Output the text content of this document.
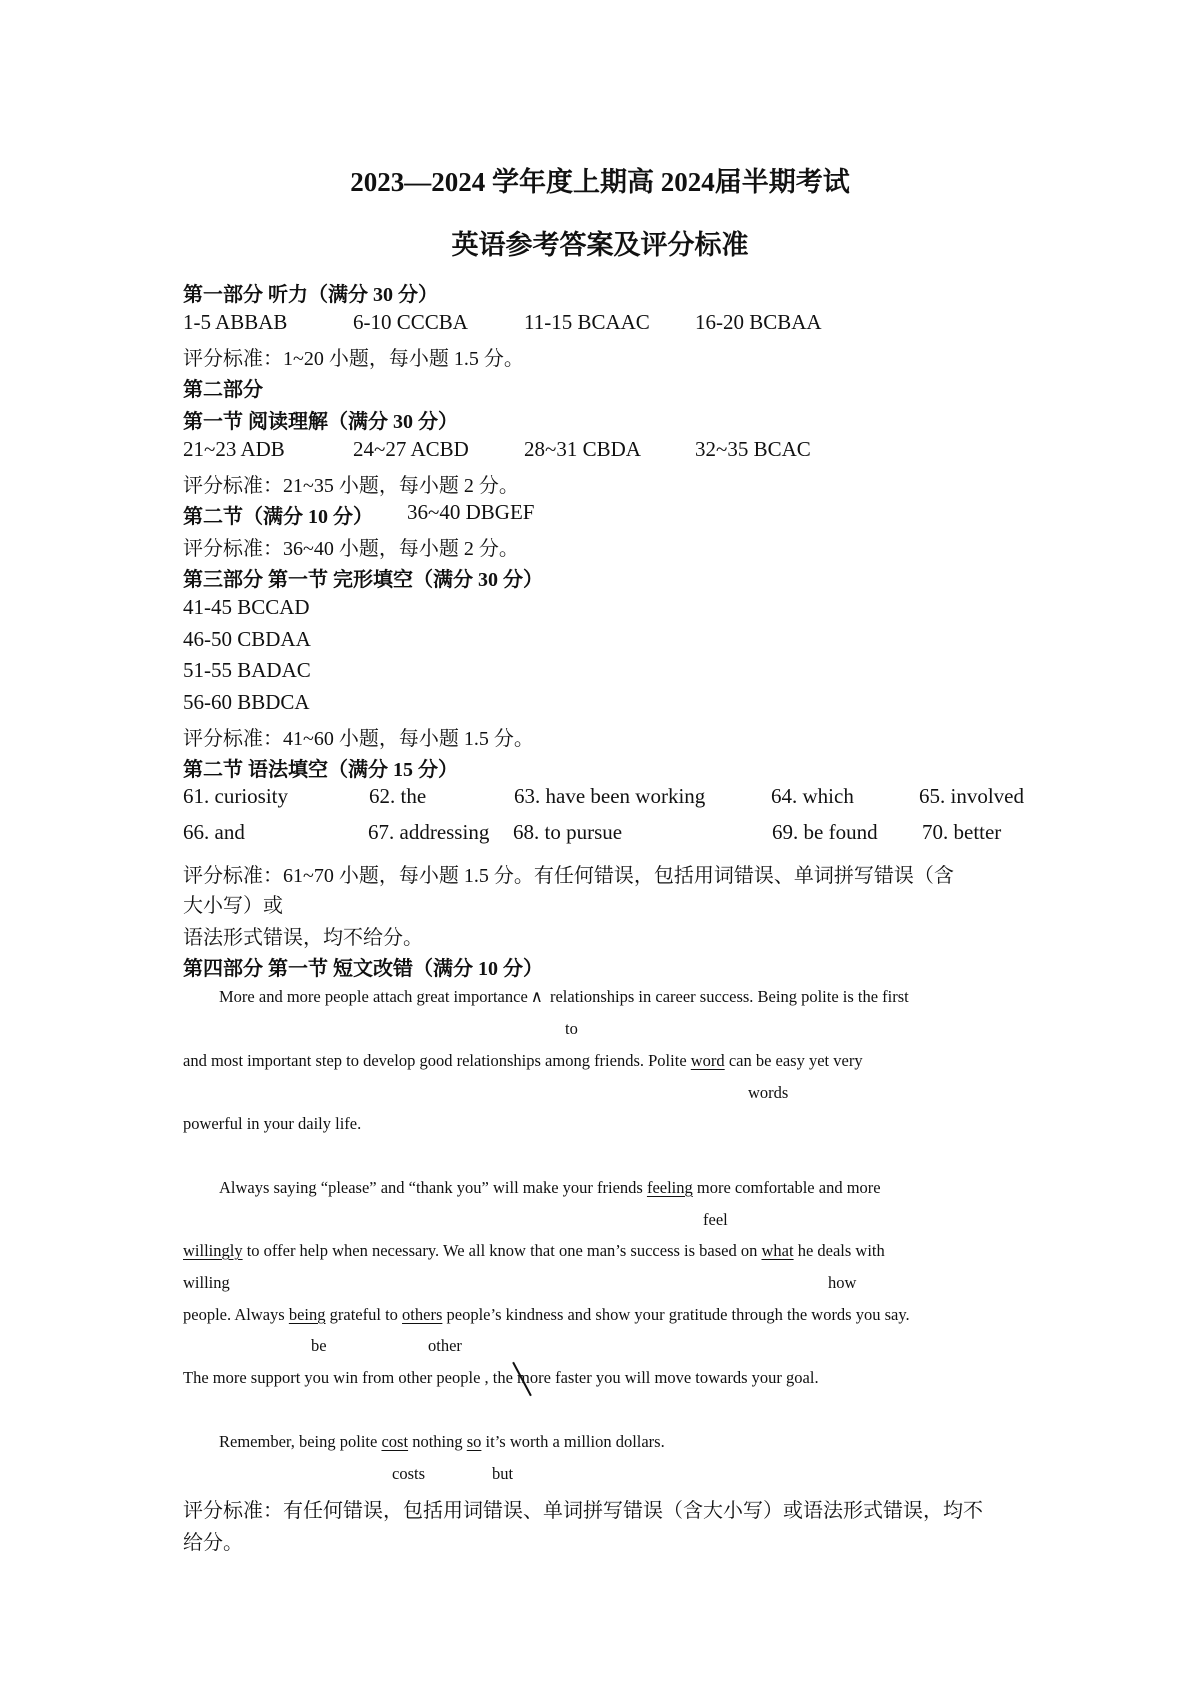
2023—2024 学年度上期高 2024届半期考试
英语参考答案及评分标准
第一部分 听力（满分 30 分）
1-5 ABBAB	6-10 CCCBA	11-15 BCAAC 16-20 BCBAA
评分标准：1~20 小题，每小题 1.5 分。
第二部分
第一节 阅读理解（满分 30 分）
21~23 ADB	24~27 ACBD	28~31 CBDA	32~35 BCAC
评分标准：21~35 小题，每小题 2 分。
第二节（满分 10 分） 36~40 DBGEF
评分标准：36~40 小题，每小题 2 分。
第三部分 第一节 完形填空（满分 30 分）
41-45 BCCAD
46-50 CBDAA
51-55 BADAC
56-60 BBDCA
评分标准：41~60 小题，每小题 1.5 分。
第二节 语法填空（满分 15 分）
61. curiosity	62. the	63. have been working	64. which	65. involved
66. and	67. addressing 68. to pursue	69. be found 70. better
评分标准：61~70 小题，每小题 1.5 分。有任何错误，包括用词错误、单词拼写错误（含
大小写）或
语法形式错误，均不给分。
第四部分 第一节 短文改错（满分 10 分）
More and more people attach great importance ∧ relationships in career success. Being polite is the first
to
and most important step to develop good relationships among friends. Polite word can be easy yet very
words
powerful in your daily life.
Always saying “please” and “thank you” will make your friends feeling more comfortable and more
feel
willingly to offer help when necessary. We all know that one man’s success is based on what he deals with
willing	how
people. Always being grateful to others people’s kindness and show your gratitude through the words you say.
be	other
The more support you win from other people , the more
faster you will move towards your goal.
Remember, being polite cost nothing so it’s worth a million dollars.
costs	but
评分标准：有任何错误，包括用词错误、单词拼写错误（含大小写）或语法形式错误，均不
给分。
